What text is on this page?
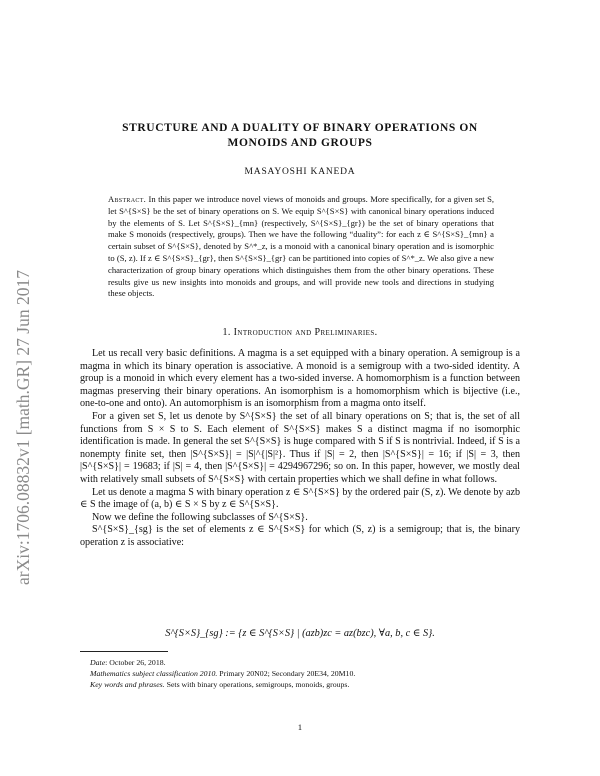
arXiv:1706.08832v1 [math.GR] 27 Jun 2017
STRUCTURE AND A DUALITY OF BINARY OPERATIONS ON
MONOIDS AND GROUPS
MASAYOSHI KANEDA
Abstract. In this paper we introduce novel views of monoids and groups. More specifically, for a given set S, let S^{S×S} be the set of binary operations on S. We equip S^{S×S} with canonical binary operations induced by the elements of S. Let S^{S×S}_{mn} (respectively, S^{S×S}_{gr}) be the set of binary operations that make S monoids (respectively, groups). Then we have the following “duality”: for each z ∈ S^{S×S}_{mn} a certain subset of S^{S×S}, denoted by S^*_z, is a monoid with a canonical binary operation and is isomorphic to (S, z). If z ∈ S^{S×S}_{gr}, then S^{S×S}_{gr} can be partitioned into copies of S^*_z. We also give a new characterization of group binary operations which distinguishes them from the other binary operations. These results give us new insights into monoids and groups, and will provide new tools and directions in studying these objects.
1. Introduction and Preliminaries.

Let us recall very basic definitions. A magma is a set equipped with a binary operation. A semigroup is a magma in which its binary operation is associative. A monoid is a semigroup with a two-sided identity. A group is a monoid in which every element has a two-sided inverse. A homomorphism is a function between magmas preserving their binary operations. An isomorphism is a homomorphism which is bijective (i.e., one-to-one and onto). An automorphism is an isomorphism from a magma onto itself.

For a given set S, let us denote by S^{S×S} the set of all binary operations on S; that is, the set of all functions from S × S to S. Each element of S^{S×S} makes S a distinct magma if no isomorphic identification is made. In general the set S^{S×S} is huge compared with S if S is nontrivial. Indeed, if S is a nonempty finite set, then |S^{S×S}| = |S|^{|S|²}. Thus if |S| = 2, then |S^{S×S}| = 16; if |S| = 3, then |S^{S×S}| = 19683; if |S| = 4, then |S^{S×S}| = 4294967296; so on. In this paper, however, we mostly deal with relatively small subsets of S^{S×S} with certain properties which we shall define in what follows.

Let us denote a magma S with binary operation z ∈ S^{S×S} by the ordered pair (S, z). We denote by azb ∈ S the image of (a, b) ∈ S × S by z ∈ S^{S×S}.

Now we define the following subclasses of S^{S×S}.

S^{S×S}_{sg} is the set of elements z ∈ S^{S×S} for which (S, z) is a semigroup; that is, the binary operation z is associative:

S^{S×S}_{sg} := {z ∈ S^{S×S} | (azb)zc = az(bzc), ∀a, b, c ∈ S}.
Date: October 26, 2018.
Mathematics subject classification 2010. Primary 20N02; Secondary 20E34, 20M10.
Key words and phrases. Sets with binary operations, semigroups, monoids, groups.
1
